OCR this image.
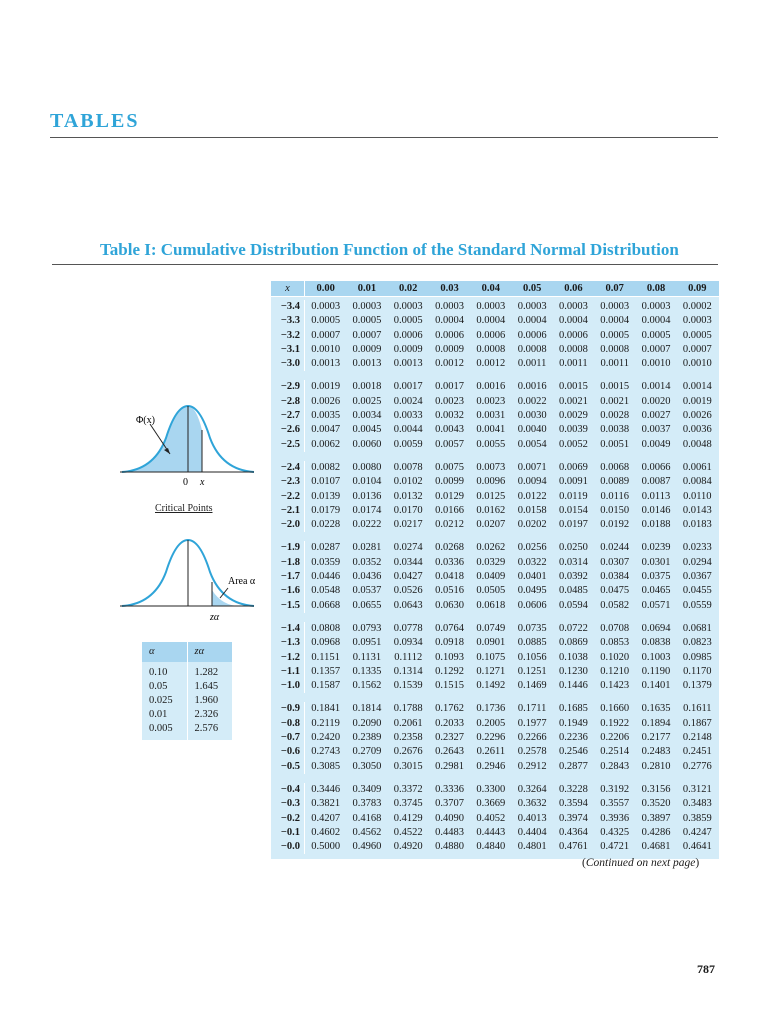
TABLES
Table I: Cumulative Distribution Function of the Standard Normal Distribution
Φ(x)
0 x
Critical Points
Area α
zα
α	zα
0.10	1.282
0.05	1.645
0.025	1.960
0.01	2.326
0.005	2.576
x	0.00	0.01	0.02	0.03	0.04	0.05	0.06	0.07	0.08	0.09
−3.4	0.0003	0.0003	0.0003	0.0003	0.0003	0.0003	0.0003	0.0003	0.0003	0.0002
−3.3	0.0005	0.0005	0.0005	0.0004	0.0004	0.0004	0.0004	0.0004	0.0004	0.0003
−3.2	0.0007	0.0007	0.0006	0.0006	0.0006	0.0006	0.0006	0.0005	0.0005	0.0005
−3.1	0.0010	0.0009	0.0009	0.0009	0.0008	0.0008	0.0008	0.0008	0.0007	0.0007
−3.0	0.0013	0.0013	0.0013	0.0012	0.0012	0.0011	0.0011	0.0011	0.0010	0.0010
−2.9	0.0019	0.0018	0.0017	0.0017	0.0016	0.0016	0.0015	0.0015	0.0014	0.0014
−2.8	0.0026	0.0025	0.0024	0.0023	0.0023	0.0022	0.0021	0.0021	0.0020	0.0019
−2.7	0.0035	0.0034	0.0033	0.0032	0.0031	0.0030	0.0029	0.0028	0.0027	0.0026
−2.6	0.0047	0.0045	0.0044	0.0043	0.0041	0.0040	0.0039	0.0038	0.0037	0.0036
−2.5	0.0062	0.0060	0.0059	0.0057	0.0055	0.0054	0.0052	0.0051	0.0049	0.0048
−2.4	0.0082	0.0080	0.0078	0.0075	0.0073	0.0071	0.0069	0.0068	0.0066	0.0061
−2.3	0.0107	0.0104	0.0102	0.0099	0.0096	0.0094	0.0091	0.0089	0.0087	0.0084
−2.2	0.0139	0.0136	0.0132	0.0129	0.0125	0.0122	0.0119	0.0116	0.0113	0.0110
−2.1	0.0179	0.0174	0.0170	0.0166	0.0162	0.0158	0.0154	0.0150	0.0146	0.0143
−2.0	0.0228	0.0222	0.0217	0.0212	0.0207	0.0202	0.0197	0.0192	0.0188	0.0183
−1.9	0.0287	0.0281	0.0274	0.0268	0.0262	0.0256	0.0250	0.0244	0.0239	0.0233
−1.8	0.0359	0.0352	0.0344	0.0336	0.0329	0.0322	0.0314	0.0307	0.0301	0.0294
−1.7	0.0446	0.0436	0.0427	0.0418	0.0409	0.0401	0.0392	0.0384	0.0375	0.0367
−1.6	0.0548	0.0537	0.0526	0.0516	0.0505	0.0495	0.0485	0.0475	0.0465	0.0455
−1.5	0.0668	0.0655	0.0643	0.0630	0.0618	0.0606	0.0594	0.0582	0.0571	0.0559
−1.4	0.0808	0.0793	0.0778	0.0764	0.0749	0.0735	0.0722	0.0708	0.0694	0.0681
−1.3	0.0968	0.0951	0.0934	0.0918	0.0901	0.0885	0.0869	0.0853	0.0838	0.0823
−1.2	0.1151	0.1131	0.1112	0.1093	0.1075	0.1056	0.1038	0.1020	0.1003	0.0985
−1.1	0.1357	0.1335	0.1314	0.1292	0.1271	0.1251	0.1230	0.1210	0.1190	0.1170
−1.0	0.1587	0.1562	0.1539	0.1515	0.1492	0.1469	0.1446	0.1423	0.1401	0.1379
−0.9	0.1841	0.1814	0.1788	0.1762	0.1736	0.1711	0.1685	0.1660	0.1635	0.1611
−0.8	0.2119	0.2090	0.2061	0.2033	0.2005	0.1977	0.1949	0.1922	0.1894	0.1867
−0.7	0.2420	0.2389	0.2358	0.2327	0.2296	0.2266	0.2236	0.2206	0.2177	0.2148
−0.6	0.2743	0.2709	0.2676	0.2643	0.2611	0.2578	0.2546	0.2514	0.2483	0.2451
−0.5	0.3085	0.3050	0.3015	0.2981	0.2946	0.2912	0.2877	0.2843	0.2810	0.2776
−0.4	0.3446	0.3409	0.3372	0.3336	0.3300	0.3264	0.3228	0.3192	0.3156	0.3121
−0.3	0.3821	0.3783	0.3745	0.3707	0.3669	0.3632	0.3594	0.3557	0.3520	0.3483
−0.2	0.4207	0.4168	0.4129	0.4090	0.4052	0.4013	0.3974	0.3936	0.3897	0.3859
−0.1	0.4602	0.4562	0.4522	0.4483	0.4443	0.4404	0.4364	0.4325	0.4286	0.4247
−0.0	0.5000	0.4960	0.4920	0.4880	0.4840	0.4801	0.4761	0.4721	0.4681	0.4641
(Continued on next page)
787
